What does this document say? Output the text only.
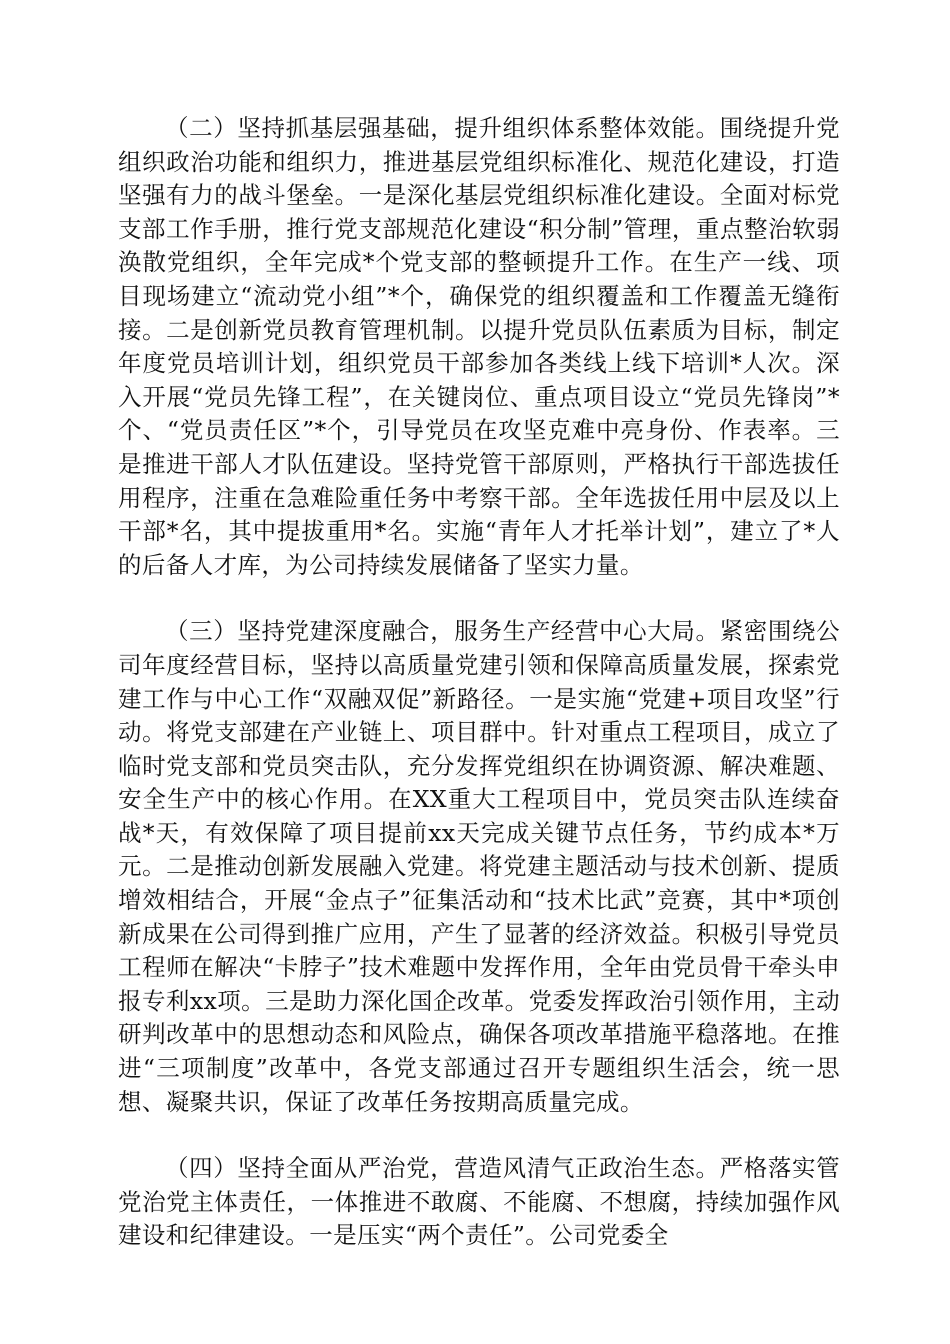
（二）坚持抓基层强基础，提升组织体系整体效能。围绕提升党组织政治功能和组织力，推进基层党组织标准化、规范化建设，打造坚强有力的战斗堡垒。一是深化基层党组织标准化建设。全面对标党支部工作手册，推行党支部规范化建设“积分制”管理，重点整治软弱涣散党组织，全年完成*个党支部的整顿提升工作。在生产一线、项目现场建立“流动党小组”*个，确保党的组织覆盖和工作覆盖无缝衔接。二是创新党员教育管理机制。以提升党员队伍素质为目标，制定年度党员培训计划，组织党员干部参加各类线上线下培训*人次。深入开展“党员先锋工程”，在关键岗位、重点项目设立“党员先锋岗”*个、“党员责任区”*个，引导党员在攻坚克难中亮身份、作表率。三是推进干部人才队伍建设。坚持党管干部原则，严格执行干部选拔任用程序，注重在急难险重任务中考察干部。全年选拔任用中层及以上干部*名，其中提拔重用*名。实施“青年人才托举计划”，建立了*人的后备人才库，为公司持续发展储备了坚实力量。

（三）坚持党建深度融合，服务生产经营中心大局。紧密围绕公司年度经营目标，坚持以高质量党建引领和保障高质量发展，探索党建工作与中心工作“双融双促”新路径。一是实施“党建+项目攻坚”行动。将党支部建在产业链上、项目群中。针对重点工程项目，成立了临时党支部和党员突击队，充分发挥党组织在协调资源、解决难题、安全生产中的核心作用。在XX重大工程项目中，党员突击队连续奋战*天，有效保障了项目提前xx天完成关键节点任务，节约成本*万元。二是推动创新发展融入党建。将党建主题活动与技术创新、提质增效相结合，开展“金点子”征集活动和“技术比武”竞赛，其中*项创新成果在公司得到推广应用，产生了显著的经济效益。积极引导党员工程师在解决“卡脖子”技术难题中发挥作用，全年由党员骨干牵头申报专利xx项。三是助力深化国企改革。党委发挥政治引领作用，主动研判改革中的思想动态和风险点，确保各项改革措施平稳落地。在推进“三项制度”改革中，各党支部通过召开专题组织生活会，统一思想、凝聚共识，保证了改革任务按期高质量完成。

（四）坚持全面从严治党，营造风清气正政治生态。严格落实管党治党主体责任，一体推进不敢腐、不能腐、不想腐，持续加强作风建设和纪律建设。一是压实“两个责任”。公司党委全
